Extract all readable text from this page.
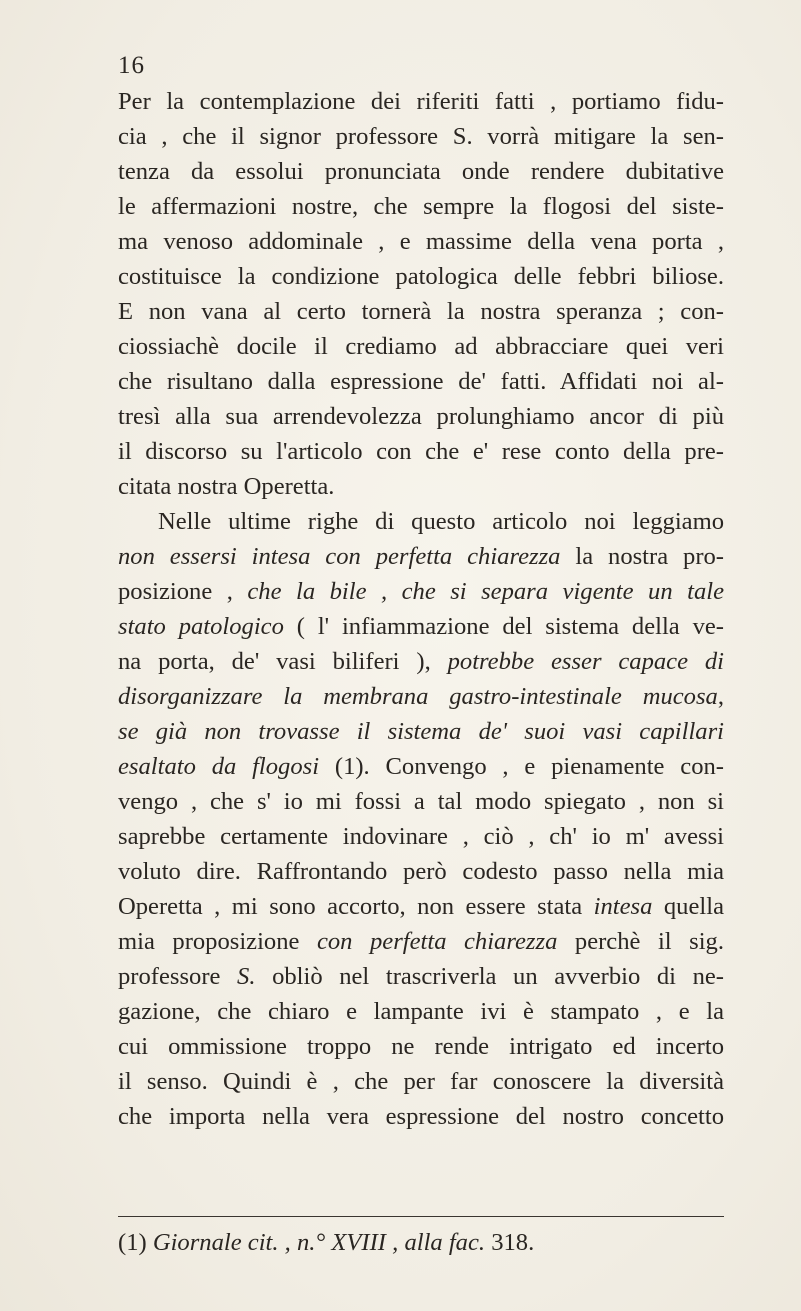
16
Per la contemplazione dei riferiti fatti , portiamo fidu-
cia , che il signor professore S. vorrà mitigare la sen-
tenza da essolui pronunciata onde rendere dubitative
le affermazioni nostre, che sempre la flogosi del siste-
ma venoso addominale , e massime della vena porta ,
costituisce la condizione patologica delle febbri biliose.
E non vana al certo tornerà la nostra speranza ; con-
ciossiachè docile il crediamo ad abbracciare quei veri
che risultano dalla espressione de' fatti. Affidati noi al-
tresì alla sua arrendevolezza prolunghiamo ancor di più
il discorso su l'articolo con che e' rese conto della pre-
citata nostra Operetta.
Nelle ultime righe di questo articolo noi leggiamo
non essersi intesa con perfetta chiarezza la nostra pro-
posizione , che la bile , che si separa vigente un tale
stato patologico ( l' infiammazione del sistema della ve-
na porta, de' vasi biliferi ), potrebbe esser capace di
disorganizzare la membrana gastro-intestinale mucosa,
se già non trovasse il sistema de' suoi vasi capillari
esaltato da flogosi (1). Convengo , e pienamente con-
vengo , che s' io mi fossi a tal modo spiegato , non si
saprebbe certamente indovinare , ciò , ch' io m' avessi
voluto dire. Raffrontando però codesto passo nella mia
Operetta , mi sono accorto, non essere stata intesa quella
mia proposizione con perfetta chiarezza perchè il sig.
professore S. obliò nel trascriverla un avverbio di ne-
gazione, che chiaro e lampante ivi è stampato , e la
cui ommissione troppo ne rende intrigato ed incerto
il senso. Quindi è , che per far conoscere la diversità
che importa nella vera espressione del nostro concetto
(1) Giornale cit. , n.° XVIII , alla fac. 318.
